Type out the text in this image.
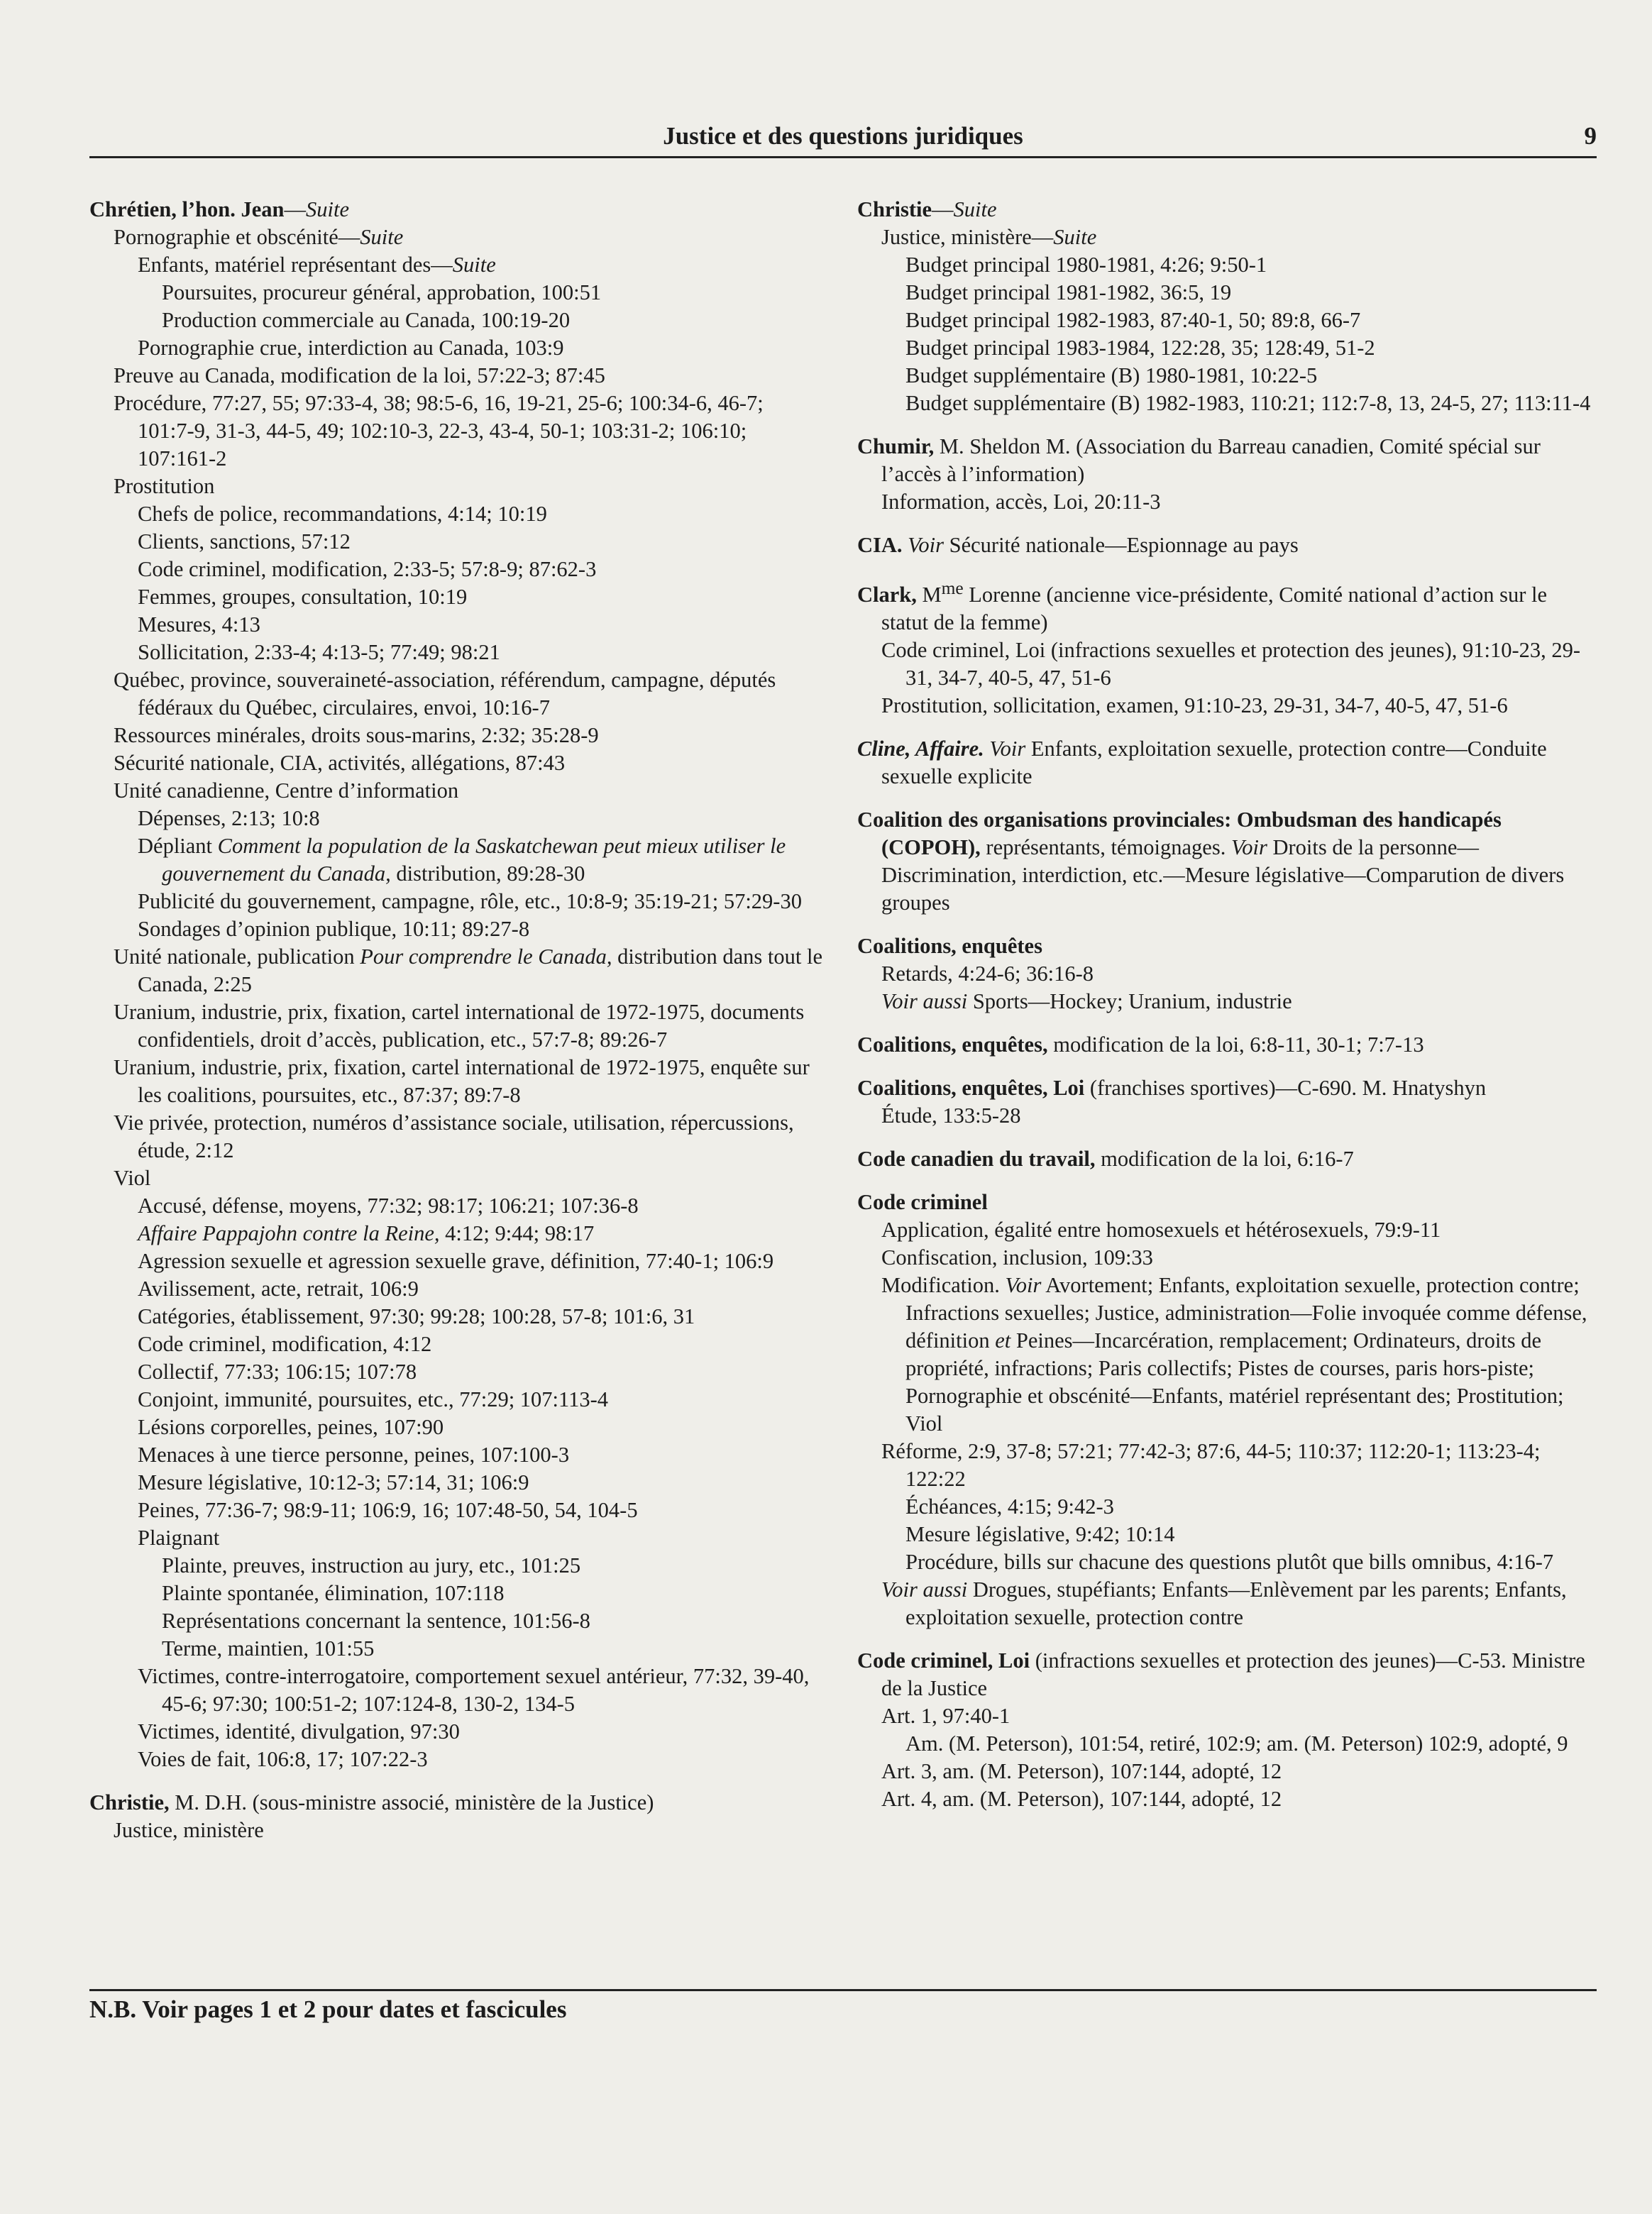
Justice et des questions juridiques	9
Chrétien, l’hon. Jean—Suite
Pornographie et obscénité—Suite
Enfants, matériel représentant des—Suite
Poursuites, procureur général, approbation, 100:51
Production commerciale au Canada, 100:19-20
Pornographie crue, interdiction au Canada, 103:9
Preuve au Canada, modification de la loi, 57:22-3; 87:45
Procédure, 77:27, 55; 97:33-4, 38; 98:5-6, 16, 19-21, 25-6; 100:34-6, 46-7; 101:7-9, 31-3, 44-5, 49; 102:10-3, 22-3, 43-4, 50-1; 103:31-2; 106:10; 107:161-2
Prostitution
Chefs de police, recommandations, 4:14; 10:19
Clients, sanctions, 57:12
Code criminel, modification, 2:33-5; 57:8-9; 87:62-3
Femmes, groupes, consultation, 10:19
Mesures, 4:13
Sollicitation, 2:33-4; 4:13-5; 77:49; 98:21
Québec, province, souveraineté-association, référendum, campagne, députés fédéraux du Québec, circulaires, envoi, 10:16-7
Ressources minérales, droits sous-marins, 2:32; 35:28-9
Sécurité nationale, CIA, activités, allégations, 87:43
Unité canadienne, Centre d’information
Dépenses, 2:13; 10:8
Dépliant Comment la population de la Saskatchewan peut mieux utiliser le gouvernement du Canada, distribution, 89:28-30
Publicité du gouvernement, campagne, rôle, etc., 10:8-9; 35:19-21; 57:29-30
Sondages d’opinion publique, 10:11; 89:27-8
Unité nationale, publication Pour comprendre le Canada, distribution dans tout le Canada, 2:25
Uranium, industrie, prix, fixation, cartel international de 1972-1975, documents confidentiels, droit d’accès, publication, etc., 57:7-8; 89:26-7
Uranium, industrie, prix, fixation, cartel international de 1972-1975, enquête sur les coalitions, poursuites, etc., 87:37; 89:7-8
Vie privée, protection, numéros d’assistance sociale, utilisation, répercussions, étude, 2:12
Viol
Accusé, défense, moyens, 77:32; 98:17; 106:21; 107:36-8
Affaire Pappajohn contre la Reine, 4:12; 9:44; 98:17
Agression sexuelle et agression sexuelle grave, définition, 77:40-1; 106:9
Avilissement, acte, retrait, 106:9
Catégories, établissement, 97:30; 99:28; 100:28, 57-8; 101:6, 31
Code criminel, modification, 4:12
Collectif, 77:33; 106:15; 107:78
Conjoint, immunité, poursuites, etc., 77:29; 107:113-4
Lésions corporelles, peines, 107:90
Menaces à une tierce personne, peines, 107:100-3
Mesure législative, 10:12-3; 57:14, 31; 106:9
Peines, 77:36-7; 98:9-11; 106:9, 16; 107:48-50, 54, 104-5
Plaignant
Plainte, preuves, instruction au jury, etc., 101:25
Plainte spontanée, élimination, 107:118
Représentations concernant la sentence, 101:56-8
Terme, maintien, 101:55
Victimes, contre-interrogatoire, comportement sexuel antérieur, 77:32, 39-40, 45-6; 97:30; 100:51-2; 107:124-8, 130-2, 134-5
Victimes, identité, divulgation, 97:30
Voies de fait, 106:8, 17; 107:22-3
Christie, M. D.H. (sous-ministre associé, ministère de la Justice)
Justice, ministère
Christie—Suite
Justice, ministère—Suite
Budget principal 1980-1981, 4:26; 9:50-1
Budget principal 1981-1982, 36:5, 19
Budget principal 1982-1983, 87:40-1, 50; 89:8, 66-7
Budget principal 1983-1984, 122:28, 35; 128:49, 51-2
Budget supplémentaire (B) 1980-1981, 10:22-5
Budget supplémentaire (B) 1982-1983, 110:21; 112:7-8, 13, 24-5, 27; 113:11-4
Chumir, M. Sheldon M. (Association du Barreau canadien, Comité spécial sur l’accès à l’information)
Information, accès, Loi, 20:11-3
CIA. Voir Sécurité nationale—Espionnage au pays
Clark, $M^{me}$ Lorenne (ancienne vice-présidente, Comité national d’action sur le statut de la femme)
Code criminel, Loi (infractions sexuelles et protection des jeunes), 91:10-23, 29-31, 34-7, 40-5, 47, 51-6
Prostitution, sollicitation, examen, 91:10-23, 29-31, 34-7, 40-5, 47, 51-6
Cline, Affaire. Voir Enfants, exploitation sexuelle, protection contre—Conduite sexuelle explicite
Coalition des organisations provinciales: Ombudsman des handicapés (COPOH), représentants, témoignages. Voir Droits de la personne—Discrimination, interdiction, etc.—Mesure législative—Comparution de divers groupes
Coalitions, enquêtes
Retards, 4:24-6; 36:16-8
Voir aussi Sports—Hockey; Uranium, industrie
Coalitions, enquêtes, modification de la loi, 6:8-11, 30-1; 7:7-13
Coalitions, enquêtes, Loi (franchises sportives)—C-690. M. Hnatyshyn
Étude, 133:5-28
Code canadien du travail, modification de la loi, 6:16-7
Code criminel
Application, égalité entre homosexuels et hétérosexuels, 79:9-11
Confiscation, inclusion, 109:33
Modification. Voir Avortement; Enfants, exploitation sexuelle, protection contre; Infractions sexuelles; Justice, administration—Folie invoquée comme défense, définition et Peines—Incarcération, remplacement; Ordinateurs, droits de propriété, infractions; Paris collectifs; Pistes de courses, paris hors-piste; Pornographie et obscénité—Enfants, matériel représentant des; Prostitution; Viol
Réforme, 2:9, 37-8; 57:21; 77:42-3; 87:6, 44-5; 110:37; 112:20-1; 113:23-4; 122:22
Échéances, 4:15; 9:42-3
Mesure législative, 9:42; 10:14
Procédure, bills sur chacune des questions plutôt que bills omnibus, 4:16-7
Voir aussi Drogues, stupéfiants; Enfants—Enlèvement par les parents; Enfants, exploitation sexuelle, protection contre
Code criminel, Loi (infractions sexuelles et protection des jeunes)—C-53. Ministre de la Justice
Art. 1, 97:40-1
Am. (M. Peterson), 101:54, retiré, 102:9; am. (M. Peterson) 102:9, adopté, 9
Art. 3, am. (M. Peterson), 107:144, adopté, 12
Art. 4, am. (M. Peterson), 107:144, adopté, 12
N.B. Voir pages 1 et 2 pour dates et fascicules
